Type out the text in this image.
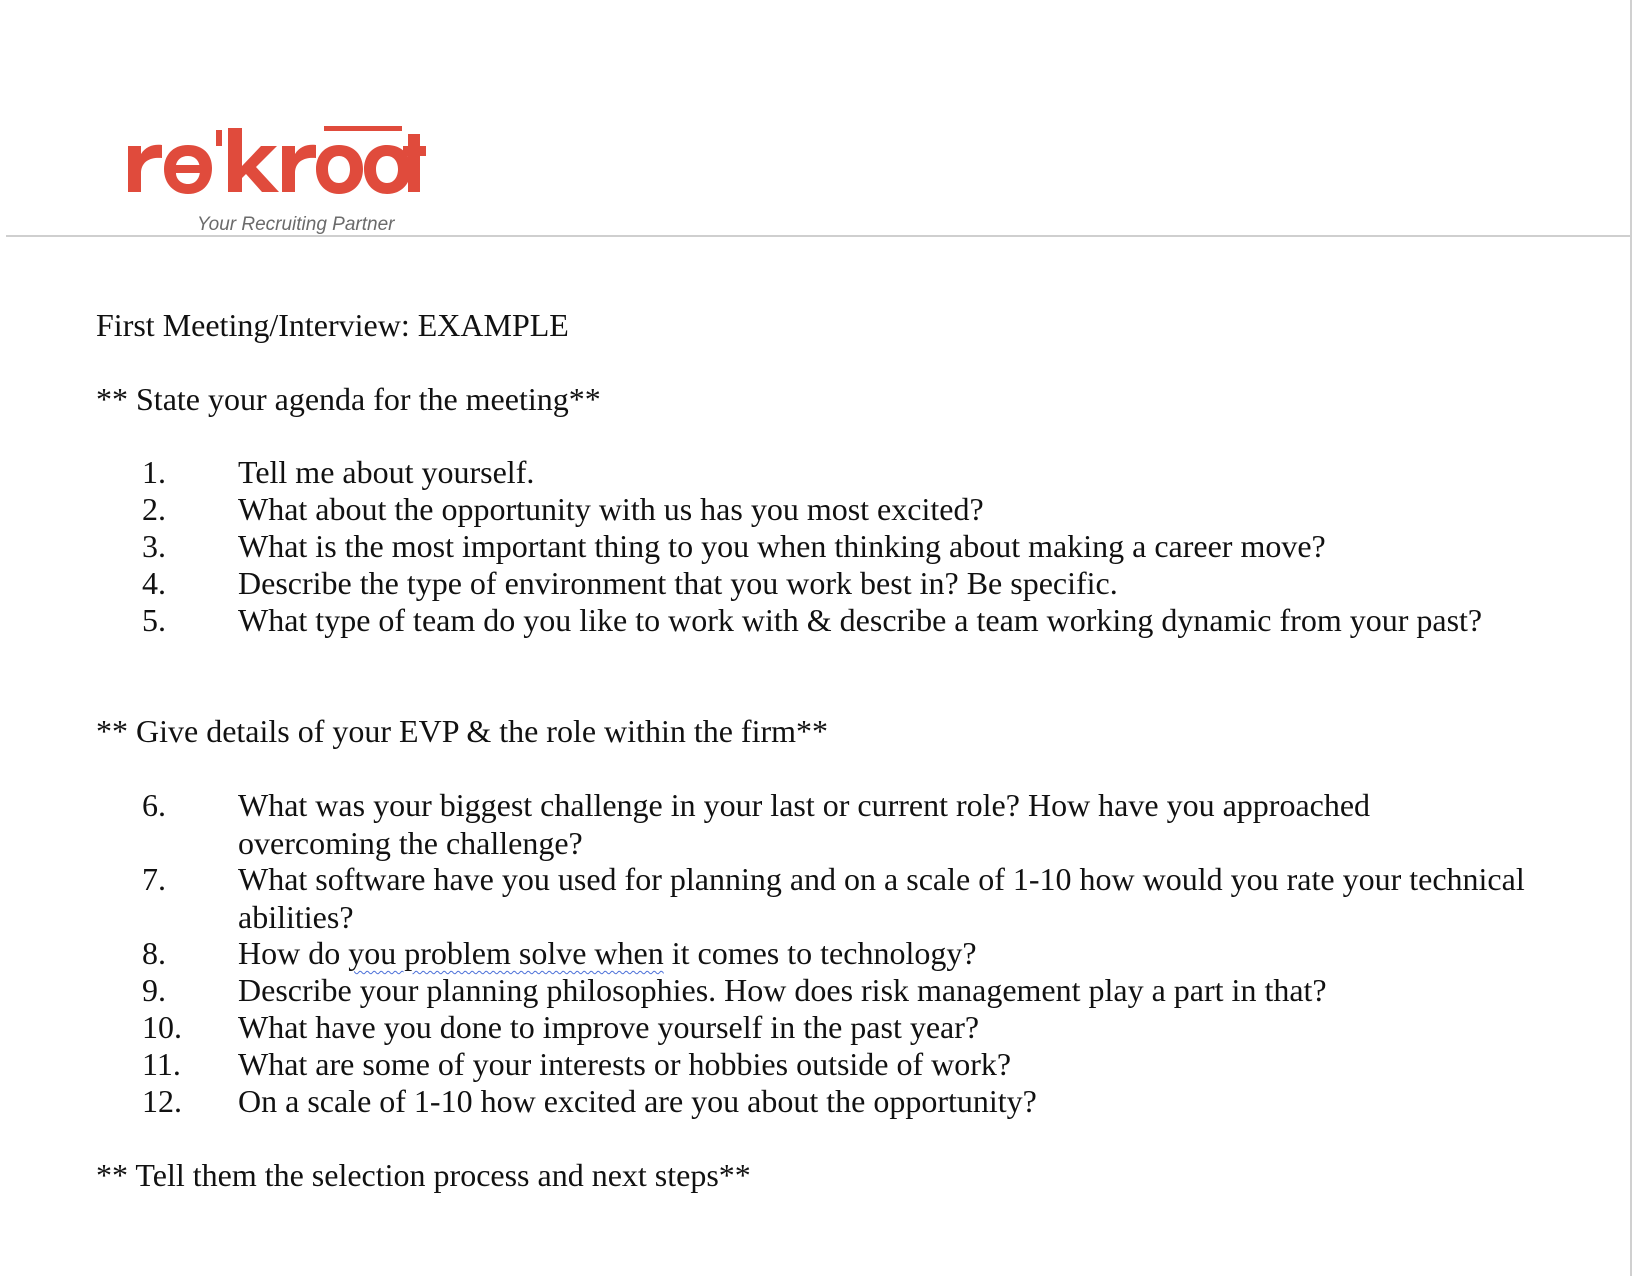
Your Recruiting Partner
First Meeting/Interview: EXAMPLE
** State your agenda for the meeting**
1.	Tell me about yourself.
2.	What about the opportunity with us has you most excited?
3.	What is the most important thing to you when thinking about making a career move?
4.	Describe the type of environment that you work best in? Be specific.
5.	What type of team do you like to work with & describe a team working dynamic from your past?
** Give details of your EVP & the role within the firm**
6.	What was your biggest challenge in your last or current role? How have you approached overcoming the challenge?
7.	What software have you used for planning and on a scale of 1-10 how would you rate your technical abilities?
8.	How do you problem solve when it comes to technology?
9.	Describe your planning philosophies. How does risk management play a part in that?
10. What have you done to improve yourself in the past year?
11. What are some of your interests or hobbies outside of work?
12. On a scale of 1-10 how excited are you about the opportunity?
** Tell them the selection process and next steps**
